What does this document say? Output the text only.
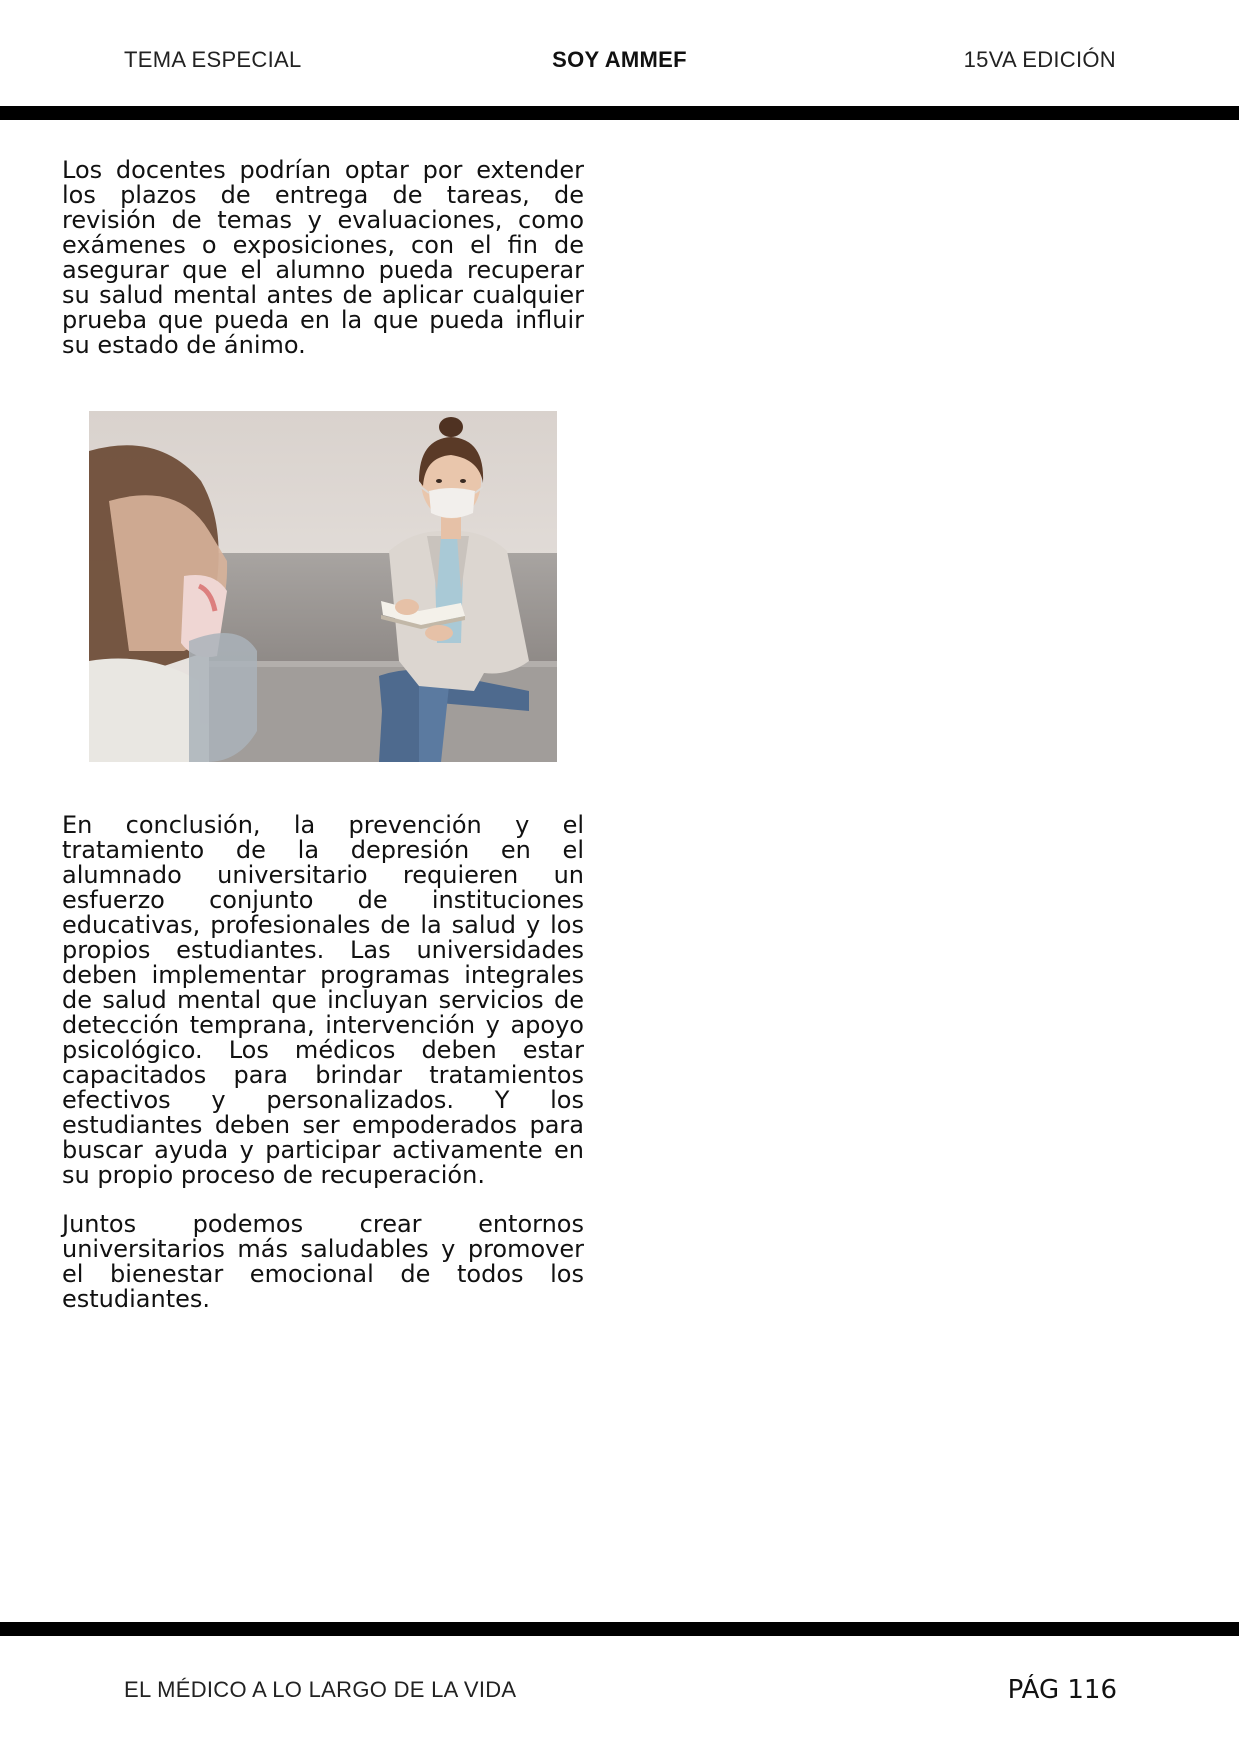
TEMA ESPECIAL	SOY AMMEF	15VA EDICIÓN

Los docentes podrían optar por extender los plazos de entrega de tareas, de revisión de temas y evaluaciones, como exámenes o exposiciones, con el fin de asegurar que el alumno pueda recuperar su salud mental antes de aplicar cualquier prueba que pueda en la que pueda influir su estado de ánimo.

En conclusión, la prevención y el tratamiento de la depresión en el alumnado universitario requieren un esfuerzo conjunto de instituciones educativas, profesionales de la salud y los propios estudiantes. Las universidades deben implementar programas integrales de salud mental que incluyan servicios de detección temprana, intervención y apoyo psicológico. Los médicos deben estar capacitados para brindar tratamientos efectivos y personalizados. Y los estudiantes deben ser empoderados para buscar ayuda y participar activamente en su propio proceso de recuperación.

Juntos podemos crear entornos universitarios más saludables y promover el bienestar emocional de todos los estudiantes.

EL MÉDICO A LO LARGO DE LA VIDA	PÁG 116
